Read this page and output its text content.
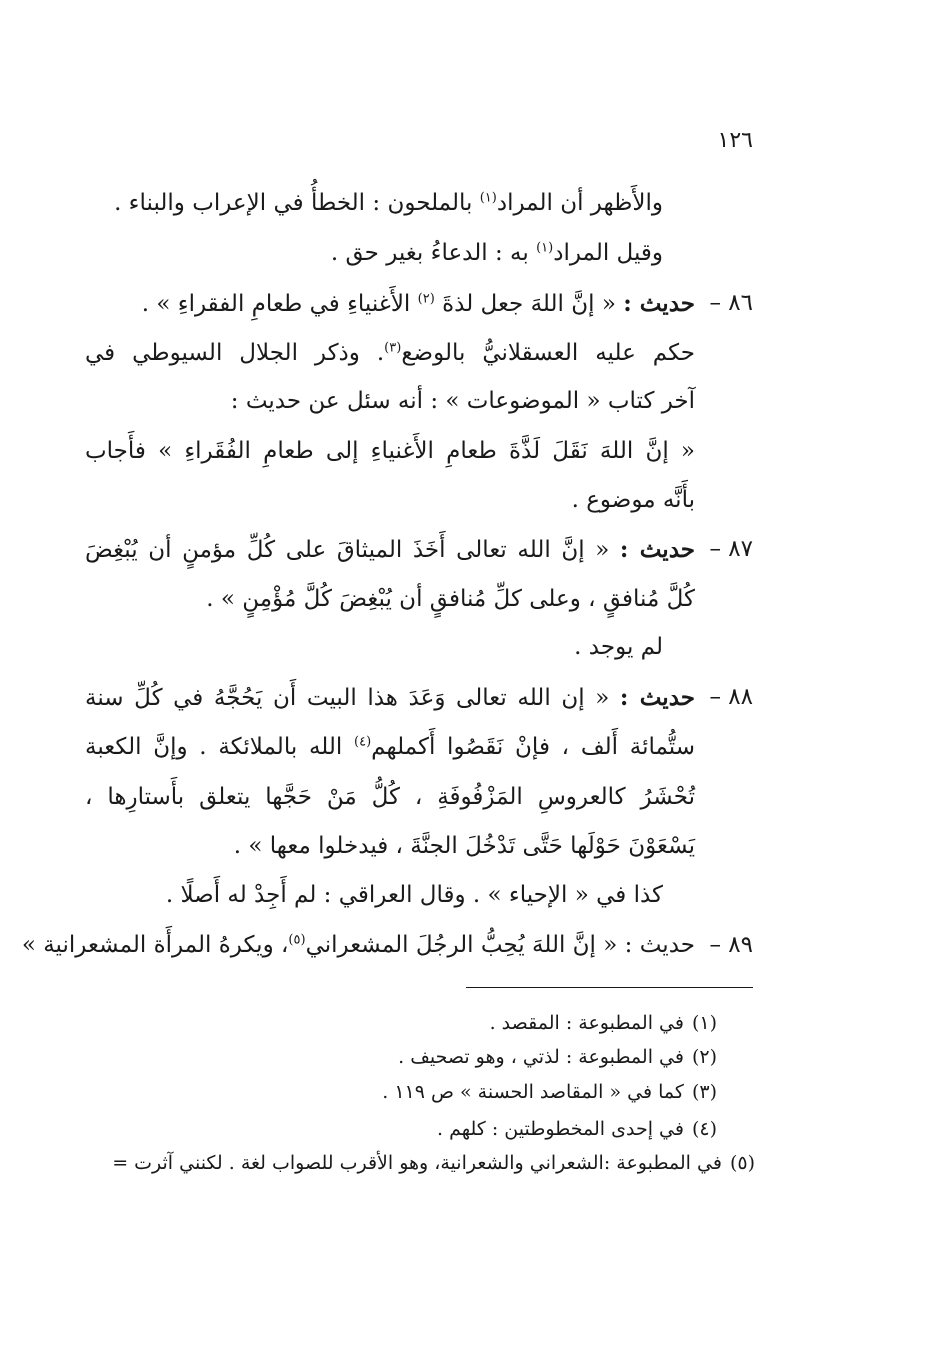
١٢٦
والأَظهر أن المراد$^{(١)}$ بالملحون : الخطأُ في الإعراب والبناء .
وقيل المراد$^{(١)}$ به : الدعاءُ بغير حق .
٨٦ –
حديث : « إنَّ اللهَ جعل لذةَ $^{(٢)}$ الأَغنياءِ في طعامِ الفقراءِ » .
حكم عليه العسقلانيُّ بالوضع$^{(٣)}$. وذكر الجلال السيوطي في
آخر كتاب « الموضوعات » : أنه سئل عن حديث :
« إنَّ اللهَ نَقَلَ لَذَّةَ طعامِ الأَغنياءِ إلى طعامِ الفُقَراءِ » فأَجاب
بأَنَّه موضوع .
٨٧ –
حديث : « إنَّ الله تعالى أَخَذَ الميثاقَ على كُلِّ مؤمنٍ أن يُبْغِضَ
كُلَّ مُنافقٍ ، وعلى كلِّ مُنافقٍ أن يُبْغِضَ كُلَّ مُؤْمِنٍ » .
لم يوجد .
٨٨ –
حديث : « إن الله تعالى وَعَدَ هذا البيت أَن يَحُجَّهُ في كُلِّ سنة
ستُّمائة أَلف ، فإنْ نَقَصُوا أَكملهم$^{(٤)}$ الله بالملائكة . وإنَّ الكعبة
تُحْشَرُ كالعروسِ المَزْفُوفَةِ ، كُلُّ مَنْ حَجَّها يتعلق بأَستارِها ،
يَسْعَوْنَ حَوْلَها حَتَّى تَدْخُلَ الجنَّةَ ، فيدخلوا معها » .
كذا في « الإحياء » . وقال العراقي : لم أَجِدْ له أَصلًا .
٨٩ –
حديث : « إنَّ اللهَ يُحِبُّ الرجُلَ المشعراني$^{(٥)}$، ويكرهُ المرأَة المشعرانية »
(١)في المطبوعة : المقصد .
(٢)في المطبوعة : لذتي ، وهو تصحيف .
(٣)كما في « المقاصد الحسنة » ص ١١٩ .
(٤)في إحدى المخطوطتين : كلهم .
(٥)في المطبوعة :الشعراني والشعرانية، وهو الأقرب للصواب لغة . لكنني آثرت =
